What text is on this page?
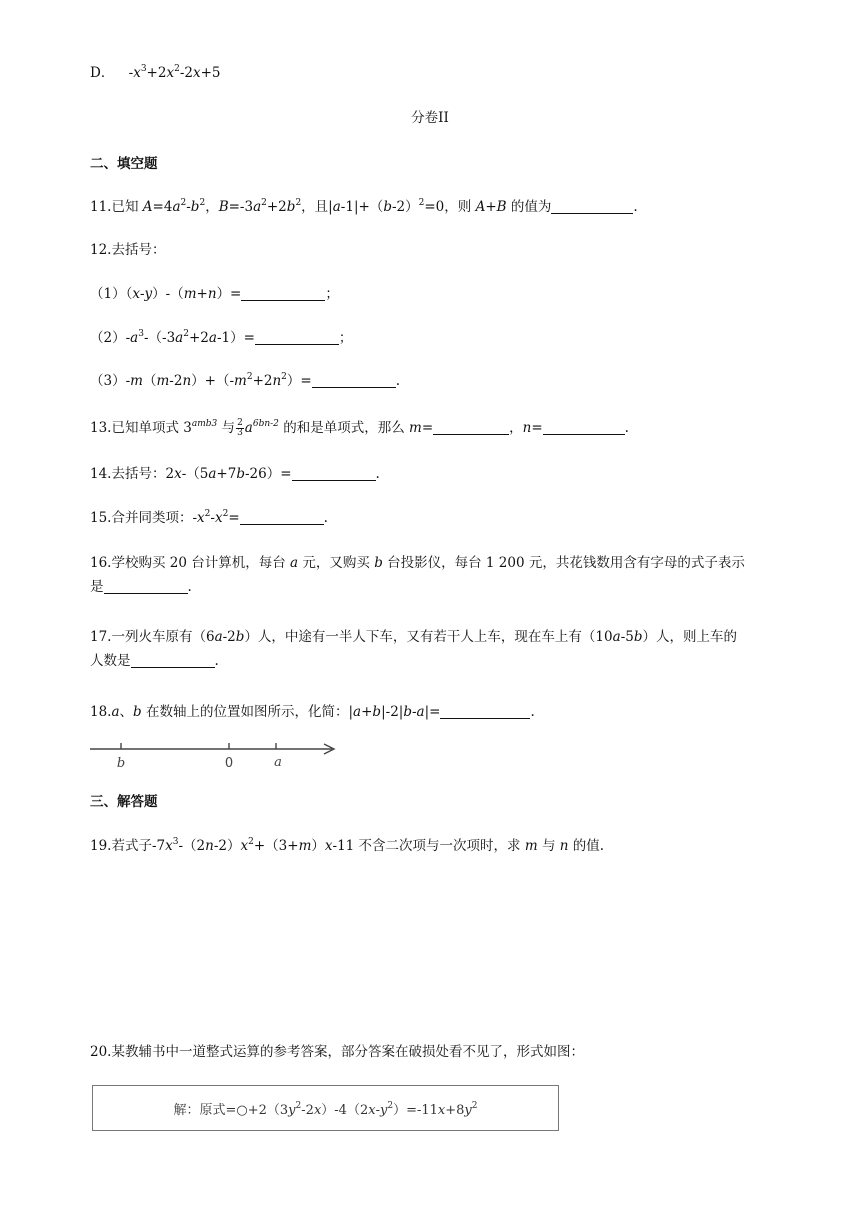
D． $-x^3+2x^2-2x+5$
分卷II
二、填空题
11.已知 $A=4a^2-b^2$，$B=-3a^2+2b^2$，且$|a-1|+(b-2)^2=0$，则 A+B 的值为	.
12.去括号：
（1）（x-y）-（m+n）=	；
$(2)-a^3-(-3a^2+2a-1)=$	；
$(3)-m(m-2n)+(-m^2+2n^2)=$	.
13.已知单项式 $3^{amb3}$ 与 $\frac{2}{3} a^{6bn-2}$ 的和是单项式，那么 m=	，n=	.
14.去括号：2x-（5a+7b-26）=	.
15.合并同类项：$-x^2-x^2=$	.
16.学校购买 20 台计算机，每台 a 元，又购买 b 台投影仪，每台 1 200 元，共花钱数用含有字母的式子表示
是	.
17.一列火车原有（6a-2b）人，中途有一半人下车，又有若干人上车，现在车上有（10a-5b）人，则上车的
人数是	.
18.a、b 在数轴上的位置如图所示，化简：|a+b|-2|b-a|=	.
b	0	a
三、解答题
19.若式子$-7x^3-(2n-2)x^2+(3+m)x-11$ 不含二次项与一次项时，求 m 与 n 的值.
20.某教辅书中一道整式运算的参考答案，部分答案在破损处看不见了，形式如图：
解：原式$=○+2(3y^2-2x)-4(2x-y^2)=-11x+8y^2$
